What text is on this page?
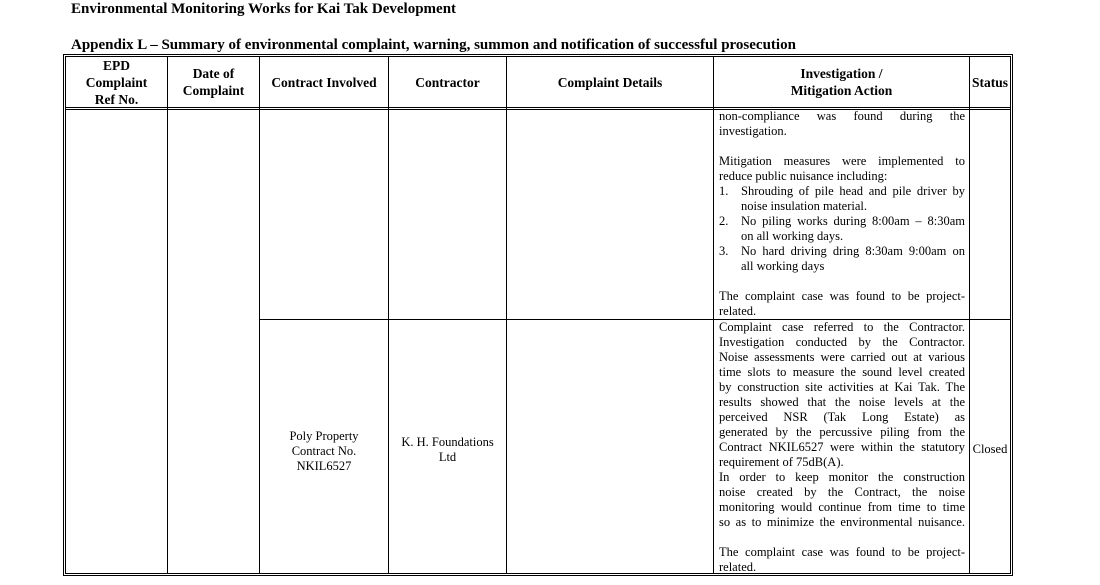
Environmental Monitoring Works for Kai Tak Development
Appendix L – Summary of environmental complaint, warning, summon and notification of successful prosecution
EPD
Complaint
Ref No.
Date of
Complaint
Contract Involved	Contractor	Complaint Details
Investigation /
Mitigation Action
Status
non-compliance was found during the
investigation.
Mitigation measures were implemented to
reduce public nuisance including:
1. Shrouding of pile head and pile driver by
noise insulation material.
2. No piling works during 8:00am – 8:30am
on all working days.
3. No hard driving dring 8:30am 9:00am on
all working days
The complaint case was found to be project-
related.
Poly Property
Contract No.
NKIL6527
K. H. Foundations
Ltd
Closed
Complaint case referred to the Contractor.
Investigation conducted by the Contractor.
Noise assessments were carried out at various
time slots to measure the sound level created
by construction site activities at Kai Tak. The
results showed that the noise levels at the
perceived NSR (Tak Long Estate) as
generated by the percussive piling from the
Contract NKIL6527 were within the statutory
requirement of 75dB(A).
In order to keep monitor the construction
noise created by the Contract, the noise
monitoring would continue from time to time
so as to minimize the environmental nuisance.
The complaint case was found to be project-
related.
